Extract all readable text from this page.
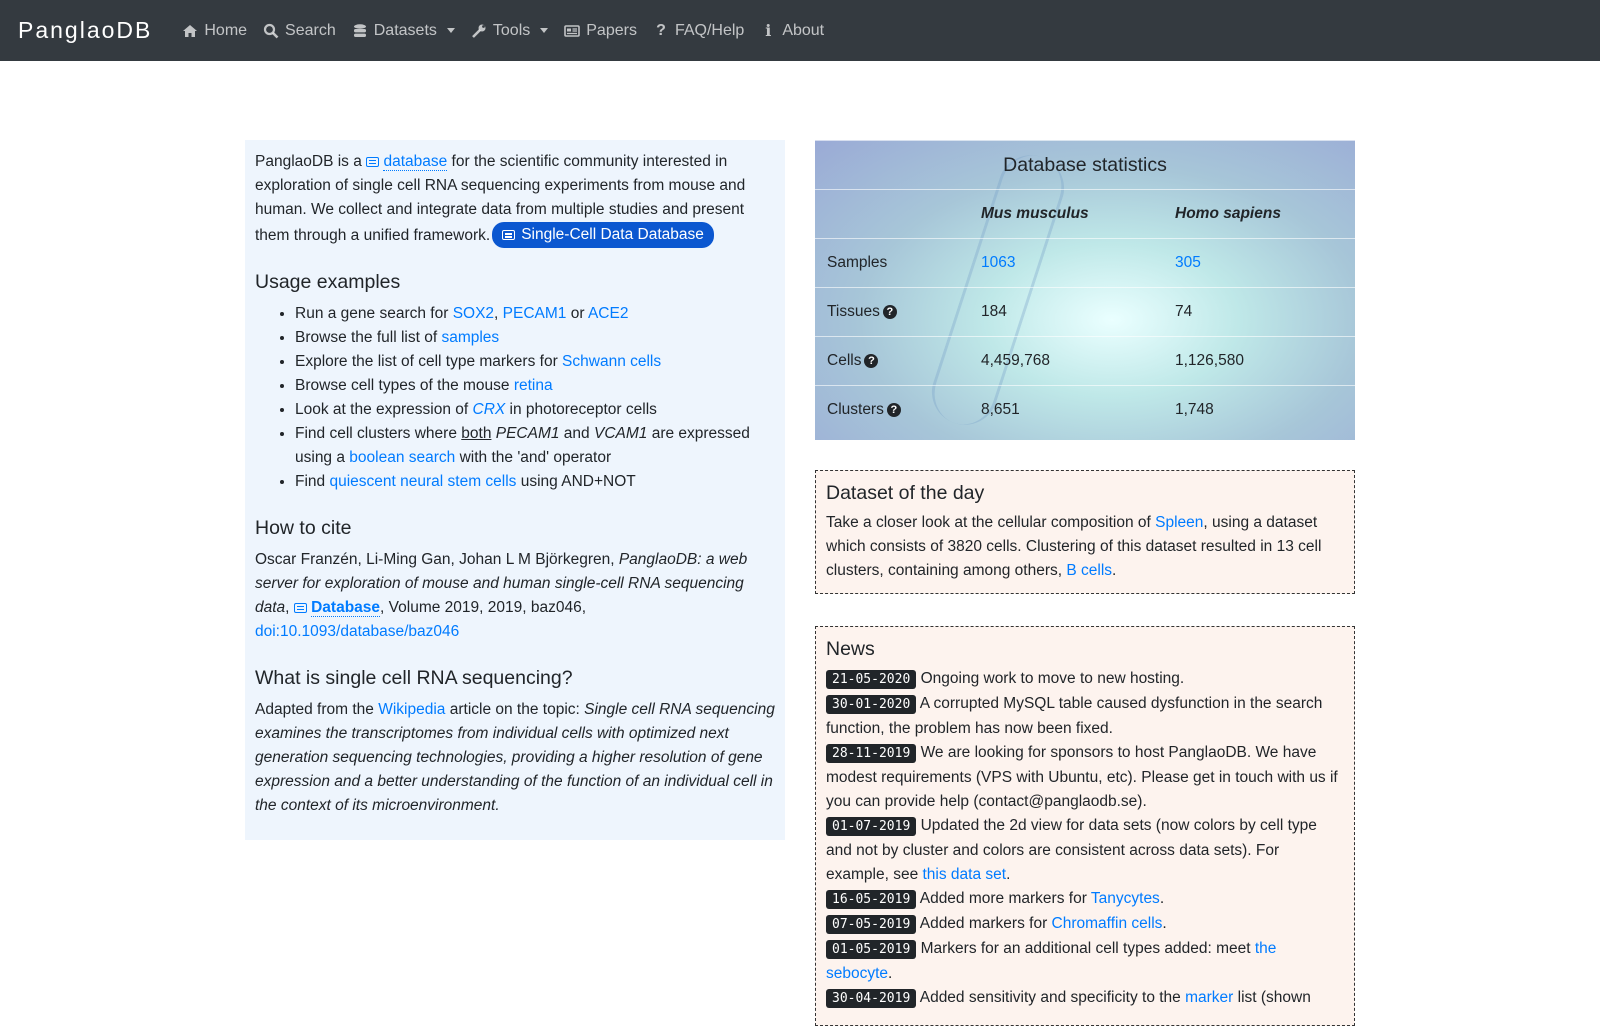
PanglaoDB	Home Search Datasets	Tools	Papers ? FAQ/Help	i About

PanglaoDB is a  database for the scientific community interested in exploration of single cell RNA sequencing experiments from mouse and human. We collect and integrate data from multiple studies and present them through a unified framework. Single-Cell Data Database

Usage examples
• Run a gene search for SOX2, PECAM1 or ACE2
• Browse the full list of samples
• Explore the list of cell type markers for Schwann cells
• Browse cell types of the mouse retina
• Look at the expression of CRX in photoreceptor cells
• Find cell clusters where both PECAM1 and VCAM1 are expressed using a boolean search with the 'and' operator
• Find quiescent neural stem cells using AND+NOT
How to cite

Oscar Franzén, Li-Ming Gan, Johan L M Björkegren, PanglaoDB: a web server for exploration of mouse and human single-cell RNA sequencing data,  Database, Volume 2019, 2019, baz046,
doi:10.1093/database/baz046

What is single cell RNA sequencing?

Adapted from the Wikipedia article on the topic: Single cell RNA sequencing examines the transcriptomes from individual cells with optimized next generation sequencing technologies, providing a higher resolution of gene expression and a better understanding of the function of an individual cell in the context of its microenvironment.

Database statistics		
	Mus musculus	Homo sapiens
Samples	1063	305
Tissues ?	184	74
Cells ?	4,459,768	1,126,580
Clusters ?	8,651	1,748
Dataset of the day
Take a closer look at the cellular composition of Spleen, using a dataset which consists of 3820 cells. Clustering of this dataset resulted in 13 cell clusters, containing among others, B cells.
News
21-05-2020 Ongoing work to move to new hosting.
30-01-2020 A corrupted MySQL table caused dysfunction in the search function, the problem has now been fixed.
28-11-2019 We are looking for sponsors to host PanglaoDB. We have modest requirements (VPS with Ubuntu, etc). Please get in touch with us if you can provide help (contact@panglaodb.se).
01-07-2019 Updated the 2d view for data sets (now colors by cell type and not by cluster and colors are consistent across data sets). For example, see this data set.
16-05-2019 Added more markers for Tanycytes.
07-05-2019 Added markers for Chromaffin cells.
01-05-2019 Markers for an additional cell types added: meet the sebocyte.
30-04-2019 Added sensitivity and specificity to the marker list (shown
